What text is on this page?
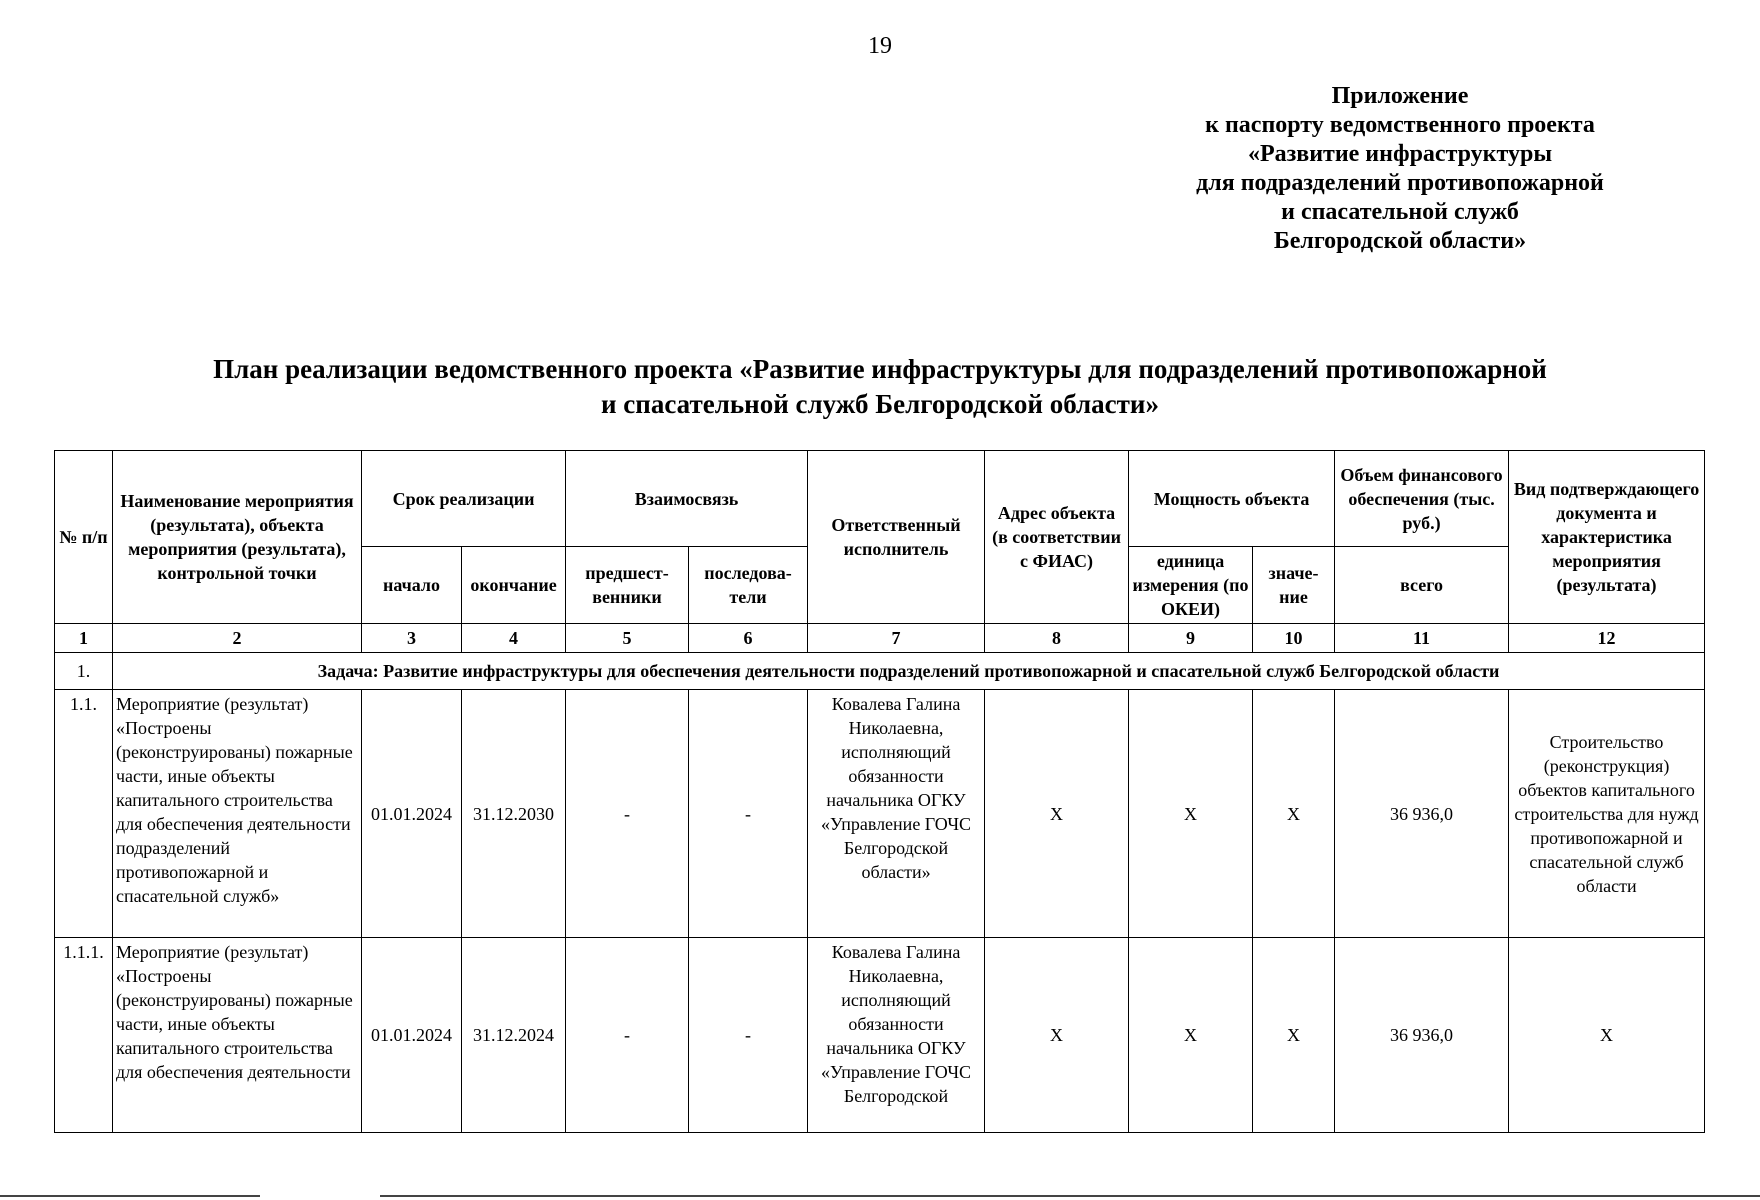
19
Приложение
к паспорту ведомственного проекта
«Развитие инфраструктуры
для подразделений противопожарной
и спасательной служб
Белгородской области»
План реализации ведомственного проекта «Развитие инфраструктуры для подразделений противопожарной
и спасательной служб Белгородской области»
№ п/п	Наименование мероприятия (результата), объекта мероприятия (результата), контрольной точки	Срок реализации		Взаимосвязь		Ответственный исполнитель	Адрес объекта (в соответствии с ФИАС)	Мощность объекта		Объем финансового обеспечения (тыс. руб.)	Вид подтверждающего документа и характеристика мероприятия (результата)
		начало	окончание	предшест-венники	последова-тели			единица измерения (по ОКЕИ)	значе-ние	всего	
1	2	3	4	5	6	7	8	9	10	11	12
1.	Задача: Развитие инфраструктуры для обеспечения деятельности подразделений противопожарной и спасательной служб Белгородской области										
1.1.	Мероприятие (результат) «Построены (реконструированы) пожарные части, иные объекты капитального строительства для обеспечения деятельности подразделений противопожарной и спасательной служб»	01.01.2024	31.12.2030	-	-	Ковалева Галина Николаевна, исполняющий обязанности начальника ОГКУ «Управление ГОЧС Белгородской области»	Х	Х	Х	36 936,0	Строительство (реконструкция) объектов капитального строительства для нужд противопожарной и спасательной служб области
1.1.1.	Мероприятие (результат) «Построены (реконструированы) пожарные части, иные объекты капитального строительства для обеспечения деятельности	01.01.2024	31.12.2024	-	-	Ковалева Галина Николаевна, исполняющий обязанности начальника ОГКУ «Управление ГОЧС Белгородской	Х	Х	Х	36 936,0	Х
